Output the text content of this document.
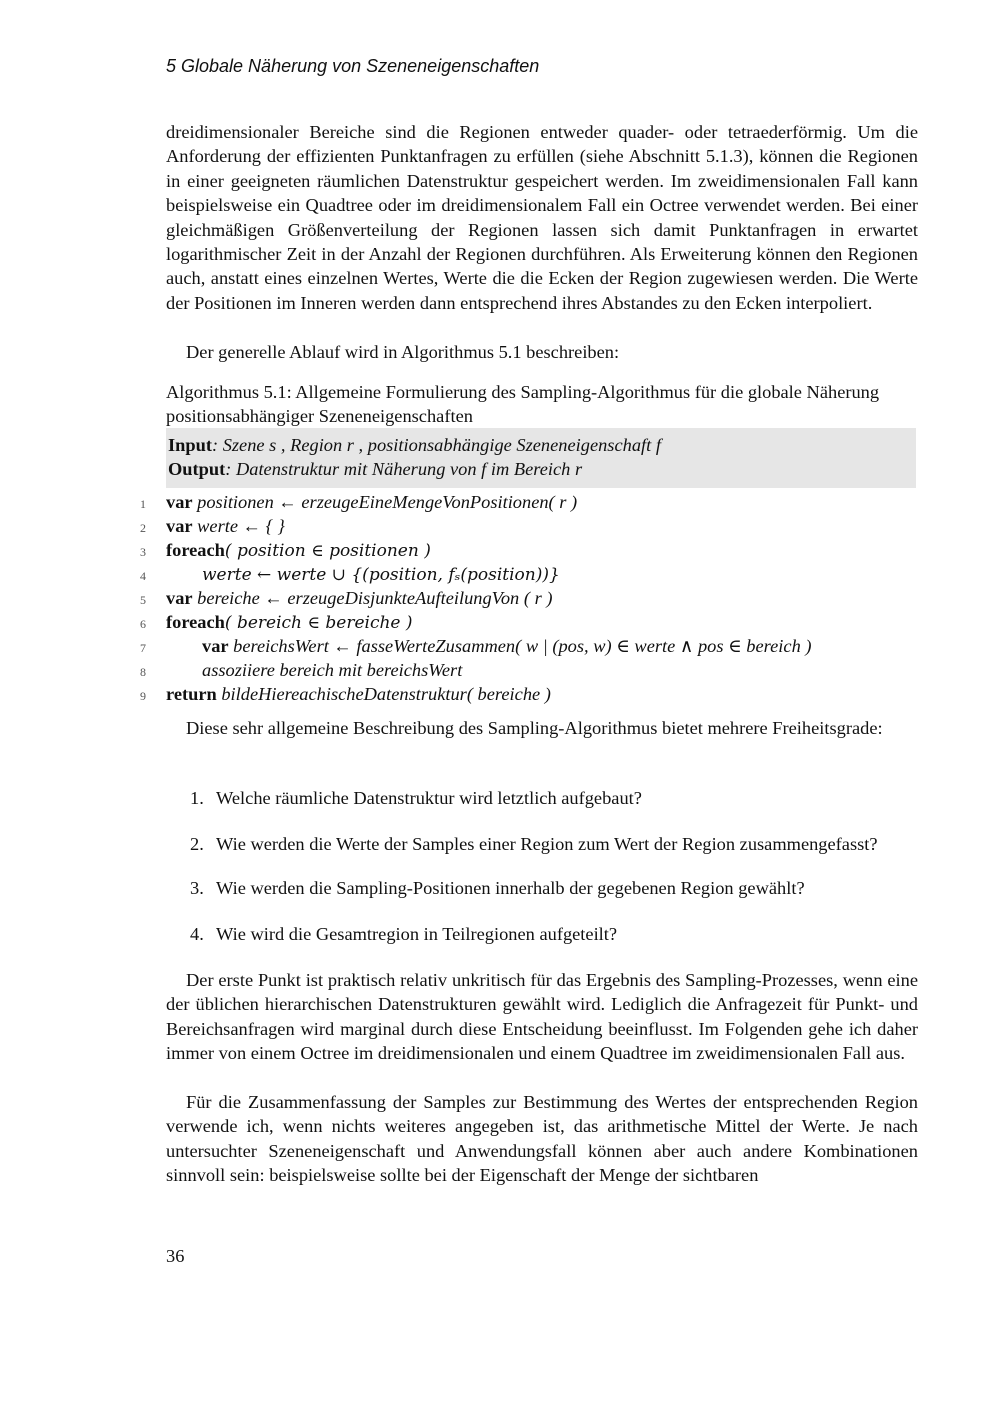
5 Globale Näherung von Szeneneigenschaften

dreidimensionaler Bereiche sind die Regionen entweder quader- oder tetraederförmig. Um die Anforderung der effizienten Punktanfragen zu erfüllen (siehe Abschnitt 5.1.3), können die Regionen in einer geeigneten räumlichen Datenstruktur gespeichert werden. Im zweidimensionalen Fall kann beispielsweise ein Quadtree oder im dreidimensionalem Fall ein Octree verwendet werden. Bei einer gleichmäßigen Größenverteilung der Regionen lassen sich damit Punktanfragen in erwartet logarithmischer Zeit in der Anzahl der Regionen durchführen. Als Erweiterung können den Regionen auch, anstatt eines einzelnen Wertes, Werte die die Ecken der Region zugewiesen werden. Die Werte der Positionen im Inneren werden dann entsprechend ihres Abstandes zu den Ecken interpoliert.

Der generelle Ablauf wird in Algorithmus 5.1 beschreiben:

Algorithmus 5.1: Allgemeine Formulierung des Sampling-Algorithmus für die globale Näherung positionsabhängiger Szeneneigenschaften
Input: Szene s , Region r , positionsabhängige Szeneneigenschaft f
Output: Datenstruktur mit Näherung von f im Bereich r
1 var positionen ← erzeugeEineMengeVonPositionen( r )
2 var werte ← { }
3 foreach( position ∈ positionen )
4	werte ← werte ∪ {(position, fₛ(position))}
5 var bereiche ← erzeugeDisjunkteAufteilungVon ( r )
6 foreach( bereich ∈ bereiche )
7	var bereichsWert ← fasseWerteZusammen( w | (pos, w) ∈ werte ∧ pos ∈ bereich )
8	assoziiere bereich mit bereichsWert
9 return bildeHiereachischeDatenstruktur( bereiche )

Diese sehr allgemeine Beschreibung des Sampling-Algorithmus bietet mehrere Freiheitsgrade:

1. Welche räumliche Datenstruktur wird letztlich aufgebaut?
2. Wie werden die Werte der Samples einer Region zum Wert der Region zusammengefasst?
3. Wie werden die Sampling-Positionen innerhalb der gegebenen Region gewählt?
4. Wie wird die Gesamtregion in Teilregionen aufgeteilt?

Der erste Punkt ist praktisch relativ unkritisch für das Ergebnis des Sampling-Prozesses, wenn eine der üblichen hierarchischen Datenstrukturen gewählt wird. Lediglich die Anfragezeit für Punkt- und Bereichsanfragen wird marginal durch diese Entscheidung beeinflusst. Im Folgenden gehe ich daher immer von einem Octree im dreidimensionalen und einem Quadtree im zweidimensionalen Fall aus.

Für die Zusammenfassung der Samples zur Bestimmung des Wertes der entsprechenden Region verwende ich, wenn nichts weiteres angegeben ist, das arithmetische Mittel der Werte. Je nach untersuchter Szeneneigenschaft und Anwendungsfall können aber auch andere Kombinationen sinnvoll sein: beispielsweise sollte bei der Eigenschaft der Menge der sichtbaren

36
